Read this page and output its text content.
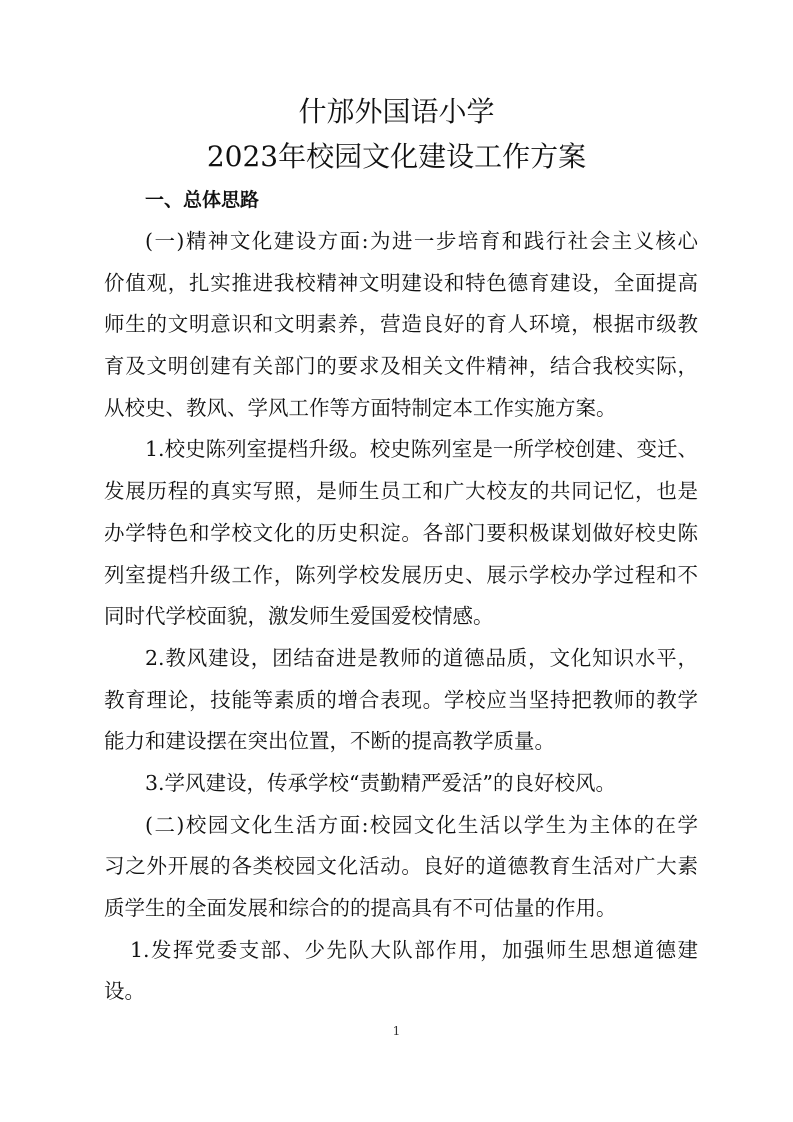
什邡外国语小学
2023年校园文化建设工作方案
一、总体思路
(一)精神文化建设方面:为进一步培育和践行社会主义核心
价值观，扎实推进我校精神文明建设和特色德育建设，全面提高
师生的文明意识和文明素养，营造良好的育人环境，根据市级教
育及文明创建有关部门的要求及相关文件精神，结合我校实际，
从校史、教风、学风工作等方面特制定本工作实施方案。
1.校史陈列室提档升级。校史陈列室是一所学校创建、变迁、
发展历程的真实写照，是师生员工和广大校友的共同记忆，也是
办学特色和学校文化的历史积淀。各部门要积极谋划做好校史陈
列室提档升级工作，陈列学校发展历史、展示学校办学过程和不
同时代学校面貌，激发师生爱国爱校情感。
2.教风建设，团结奋进是教师的道德品质，文化知识水平，
教育理论，技能等素质的增合表现。学校应当坚持把教师的教学
能力和建设摆在突出位置，不断的提高教学质量。
3.学风建设，传承学校“责勤精严爱活”的良好校风。
(二)校园文化生活方面:校园文化生活以学生为主体的在学
习之外开展的各类校园文化活动。良好的道德教育生活对广大素
质学生的全面发展和综合的的提高具有不可估量的作用。
1.发挥党委支部、少先队大队部作用，加强师生思想道德建
设。
1
